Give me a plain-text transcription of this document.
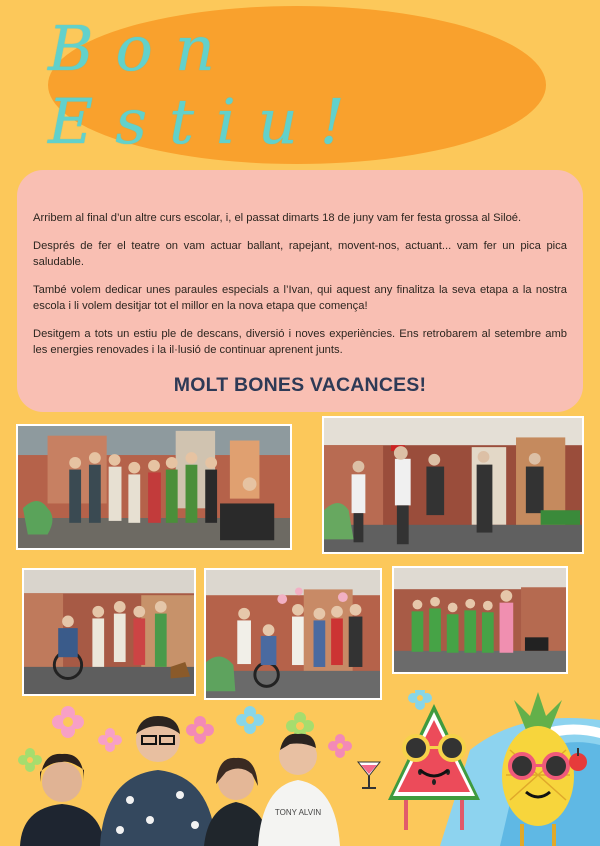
Bon Estiu!

Arribem al final d’un altre curs escolar, i, el passat dimarts 18 de juny vam fer festa grossa al Siloé.

Després de fer el teatre on vam actuar ballant, rapejant, movent-nos, actuant... vam fer un pica pica saludable.

També volem dedicar unes paraules especials a l’Ivan, qui aquest any finalitza la seva etapa a la nostra escola i li volem desitjar tot el millor en la nova etapa que comença!

Desitgem a tots un estiu ple de descans, diversió i noves experiències. Ens retrobarem al setembre amb les energies renovades i la il·lusió de continuar aprenent junts.

MOLT BONES VACANCES!
TONY ALVIN
